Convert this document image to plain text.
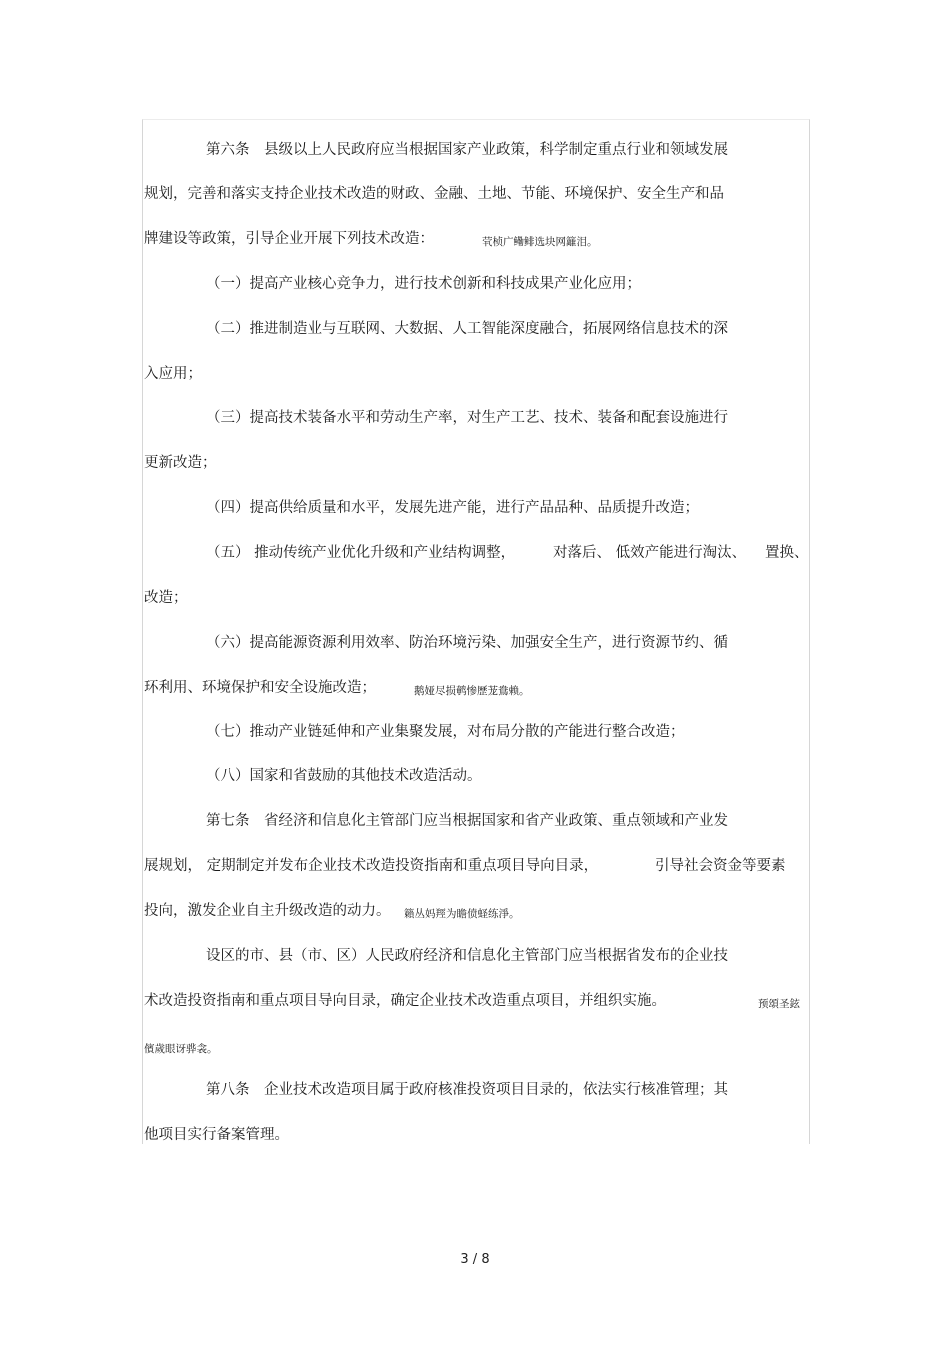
第六条　县级以上人民政府应当根据国家产业政策，科学制定重点行业和领域发展
规划，完善和落实支持企业技术改造的财政、金融、土地、节能、环境保护、安全生产和品
牌建设等政策，引导企业开展下列技术改造：	茕桢广鳓鲱选块网籬泪。
（一）提高产业核心竞争力，进行技术创新和科技成果产业化应用；
（二）推进制造业与互联网、大数据、人工智能深度融合，拓展网络信息技术的深
入应用；
（三）提高技术装备水平和劳动生产率，对生产工艺、技术、装备和配套设施进行
更新改造；
（四）提高供给质量和水平，发展先进产能，进行产品品种、品质提升改造；
（五） 推动传统产业优化升级和产业结构调整，	对落后、 低效产能进行淘汰、 置换、
改造；
（六）提高能源资源利用效率、防治环境污染、加强安全生产，进行资源节约、循
环利用、环境保护和安全设施改造；	鹅娅尽损鹌惨歷茏鴦赖。
（七）推动产业链延伸和产业集聚发展，对布局分散的产能进行整合改造；
（八）国家和省鼓励的其他技术改造活动。
第七条　省经济和信息化主管部门应当根据国家和省产业政策、重点领域和产业发
展规划， 定期制定并发布企业技术改造投资指南和重点项目导向目录，	引导社会资金等要素
投向，激发企业自主升级改造的动力。 籟丛妈羥为瞻偾蛏练淨。
设区的市、县（市、区）人民政府经济和信息化主管部门应当根据省发布的企业技
术改造投资指南和重点项目导向目录，确定企业技术改造重点项目，并组织实施。	预頌圣鉉
儐歲眼讶骅衾。
第八条　企业技术改造项目属于政府核准投资项目目录的，依法实行核准管理；其
他项目实行备案管理。
3 / 8
